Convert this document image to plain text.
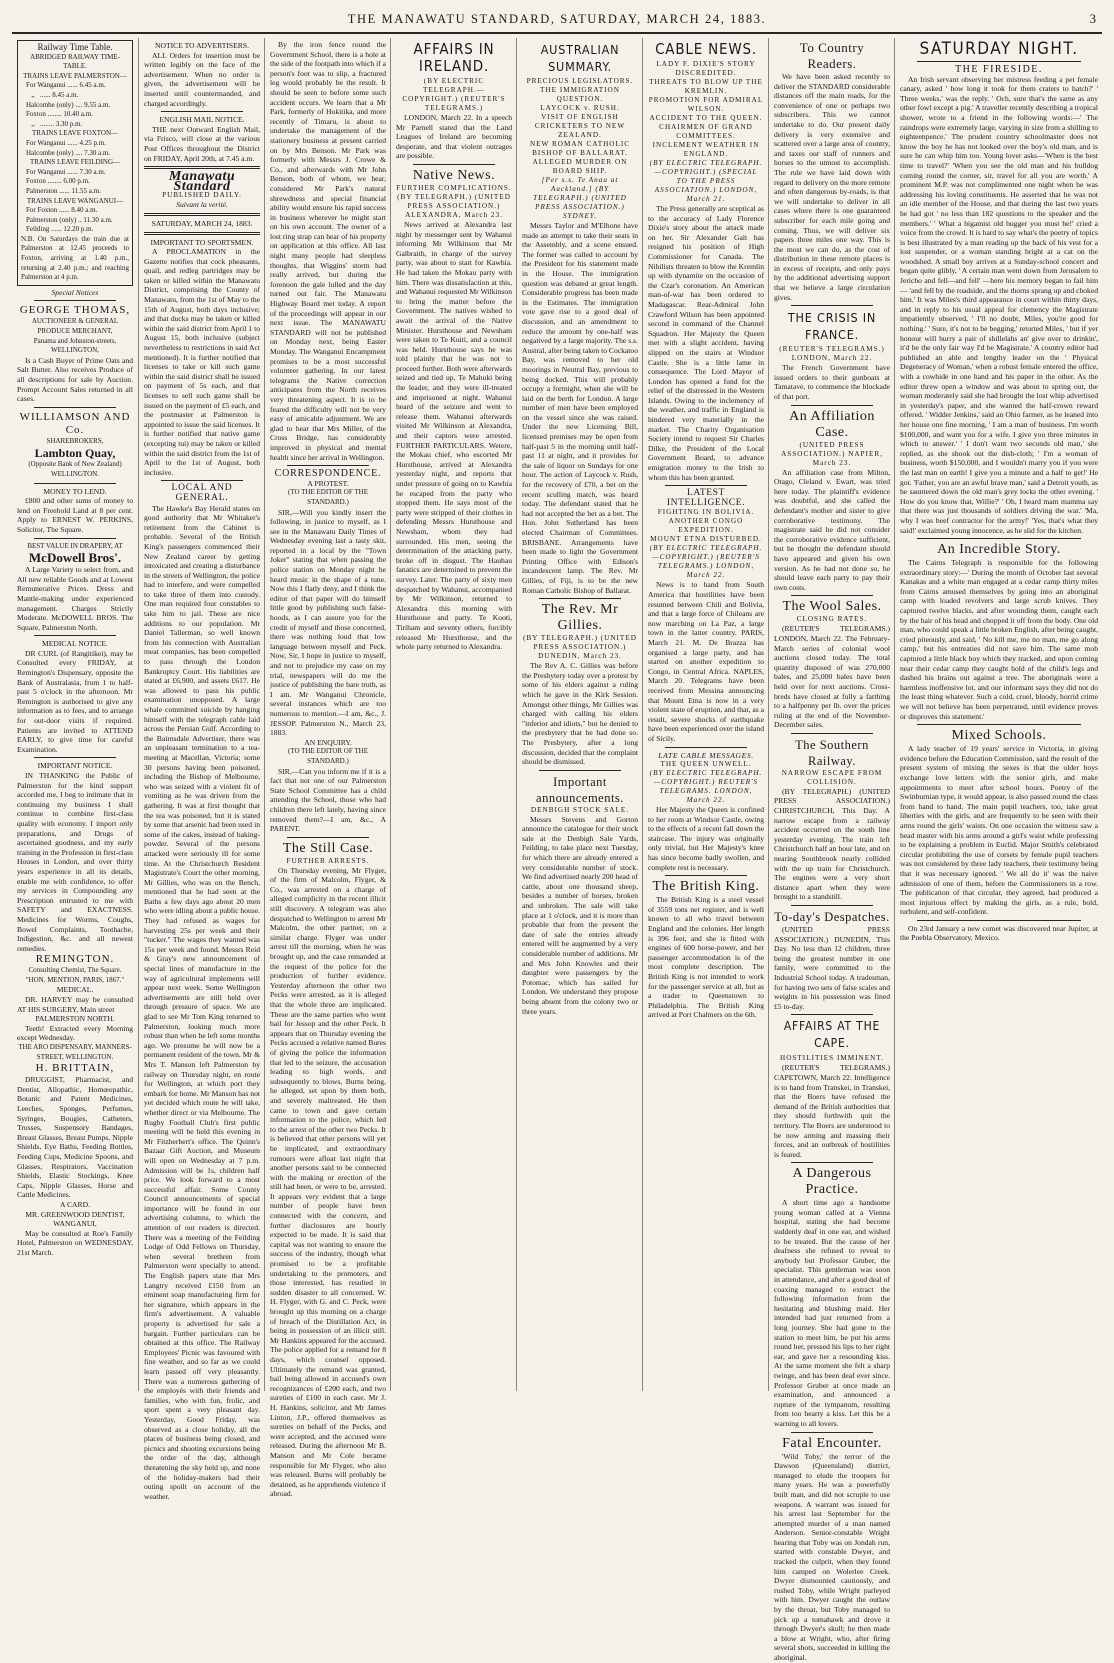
THE MANAWATU STANDARD, SATURDAY, MARCH 24, 1883.	3
Railway Time Table.
ABRIDGED RAILWAY TIME-TABLE.
TRAINS LEAVE PALMERSTON—
For Wanganui ...... 6.45 a.m.
,,   ...... 8.45 a.m.
Halcombe (only) .... 9.55 a.m.
Foxton ........ 10.40 a.m.
,,   ........ 3.30 p.m.
TRAINS LEAVE FOXTON—
For Wanganui ...... 4.25 p.m.
Halcombe (only) .... 7.30 a.m.
TRAINS LEAVE FEILDING—
For Wanganui ...... 7.30 a.m.
Foxton ........ 6.00 p.m.
Palmerston ...... 11.55 a.m.
TRAINS LEAVE WANGANUI—
For Foxton ...... 8.40 a.m.
Palmerston (only) .. 11.30 a.m.
Feilding ...... 12.20 p.m.
N.B. On Saturdays the train due at Palmerston at 12.45 proceeds to Foxton, arriving at 1.40 p.m., returning at 2.40 p.m.; and reaching Palmerston at 4 p.m.
Special Notices
GEORGE THOMAS,
AUCTIONEER & GENERAL PRODUCE MERCHANT,
Panama and Johnston-streets, WELLINGTON,

Is a Cash Buyer of Prime Oats and Salt Butter. Also receives Produce of all descriptions for sale by Auction. Prompt Account Sales returned in all cases.

WILLIAMSON AND Co.
SHAREBROKERS,
Lambton Quay,
(Opposite Bank of New Zealand) WELLINGTON.
MONEY TO LEND.

£800 and other sums of money to lend on Freehold Land at 8 per cent. Apply to ERNEST W. PERKINS, Solicitor, The Square.

BEST VALUE IN DRAPERY, AT
McDowell Bros'.

A Large Variety to select from, and All new reliable Goods and at Lowest Remunerative Prices. Dress and Mantle-making under experienced management. Charges Strictly Moderate. McDOWELL BROS. The Square, Palmerston North.

MEDICAL NOTICE.

DR CURL (of Rangitikei), may be Consulted every FRIDAY, at Remington's Dispensary, opposite the Bank of Australasia, from 1 to half-past 5 o'clock in the afternoon. Mr Remington is authorised to give any information as to fees, and to arrange for out-door visits if required. Patients are invited to ATTEND EARLY, to give time for careful Examination.

IMPORTANT NOTICE.

IN THANKING the Public of Palmerston for the kind support accorded me, I beg to intimate that in continuing my business I shall continue to combine first-class quality with economy. I import only preparations, and Drugs of ascertained goodness, and my early training in the Profession in first-class Houses in London, and over thirty years experience in all its details, enable me with confidence, to offer my services in Compounding any Prescription entrusted to me with SAFETY and EXACTNESS. Medicines for Worms, Coughs, Bowel Complaints, Toothache, Indigestion, &c. and all newest remedies.

REMINGTON.
Consulting Chemist, The Square.
"HON. MENTION, PARIS, 1867."
MEDICAL.

DR. HARVEY may be consulted AT HIS SURGERY, Main street

PALMERSTON NORTH.

Teeth! Extracted every Morning except Wednesday.

THE ARO DISPENSARY, MANNERS-STREET, WELLINGTON.
H. BRITTAIN,

DRUGGIST, Pharmacist, and Dentist, Allopathic, Homœopathic, Botanic and Patent Medicines, Leeches, Sponges, Perfumes, Syringes, Bougies, Catheters, Trusses, Suspensory Bandages, Breast Glasses, Breast Pumps, Nipple Shields, Eye Baths, Feeding Bottles, Feeding Cups, Medicine Spoons, and Glasses, Respirators, Vaccination Shields, Elastic Stockings, Knee Caps, Nipple Glasses, Horse and Cattle Medicines.

A CARD.
MR. GREENWOOD DENTIST, WANGANUI,

May be consulted at Roe's Family Hotel, Palmerston on WEDNESDAY, 21st March.

NOTICE TO ADVERTISERS.

ALL Orders for insertion must be written legibly on the face of the advertisement. When no order is given, the advertisement will be inserted until countermanded, and charged accordingly.

ENGLISH MAIL NOTICE.

THE next Outward English Mail, via Frisco, will close at the various Post Offices throughout the District on FRIDAY, April 20th, at 7.45 a.m.

Manawatu Standard
PUBLISHED DAILY.
Suivant la verité.
SATURDAY, MARCH 24, 1883.
IMPORTANT TO SPORTSMEN.

A PROCLAMATION in the Gazette notifies that cock pheasants, quail, and redleg partridges may be taken or killed within the Manawatu District, comprising the County of Manawatu, from the 1st of May to the 15th of August, both days inclusive; and that ducks may be taken or killed within the said district from April 1 to August 15, both inclusive (subject nevertheless to restrictions in said Act mentioned). It is further notified that licenses to take or kill such game within the said district shall be issued on payment of 5s each, and that licenses to sell such game shall be issued on the payment of £5 each, and the postmaster at Palmerston is appointed to issue the said licenses. It is further notified that native game (excepting tui) may be taken or killed within the said district from the 1st of April to the 1st of August, both inclusive.

LOCAL AND GENERAL.

The Hawke's Bay Herald states on good authority that Mr Whitaker's retirement from the Cabinet is probable. Several of the British King's passengers commenced their New Zealand career by getting intoxicated and creating a disturbance in the streets of Wellington, the police had to interfere, and were compelled to take three of them into custody. One man required four constables to take him to jail. These are nice additions to our population. Mr Daniel Tallerman, so well known from his connection with Australian meat companies, has been compelled to pass through the London Bankruptcy Court. His liabilities are stated at £6,900, and assets £617. He was allowed to pass his public examination unopposed. A large whale committed suicide by hanging himself with the telegraph cable laid across the Persian Gulf. According to the Bairnsdale Advertiser, there was an unpleasant termination to a tea-meeting at Macellan, Victoria; some 30 persons having been poisoned, including the Bishop of Melbourne, who was seized with a violent fit of vomiting as he was driven from the gathering. It was at first thought that the tea was poisoned, but it is stated by some that arsenic had been used in some of the cakes, instead of baking-powder. Several of the persons attacked were seriously ill for some time. At the Christchurch Resident Magistrate's Court the other morning, Mr Gillies, who was on the Bench, mentioned that he had seen at the Baths a few days ago about 20 men who were idling about a public house. They had refused as wages for harvesting 25s per week and their "tucker." The wages they wanted was 15s per week and found. Messrs Reid & Gray's new announcement of special lines of manufacture in the way of agricultural implements will appear next week. Some Wellington advertisements are still held over through pressure of space. We are glad to see Mr Tom King returned to Palmerston, looking much more robust than when he left some months ago. We presume he will now be a permanent resident of the town. Mr & Mrs T. Manson left Palmerston by railway on Thursday night, en route for Wellington, at which port they embark for home. Mr Manson has not yet decided which route he will take, whether direct or via Melbourne. The Rugby Football Club's first public meeting will be held this evening in Mr Fitzherbert's office. The Quinn's Bazaar Gift Auction, and Museum will open on Wednesday at 7 p.m. Admission will be 1s, children half price. We look forward to a most successful affair. Some County Council announcements of special importance will be found in our advertising columns, to which the attention of our readers is directed. There was a meeting of the Feilding Lodge of Odd Fellows on Thursday, when several brethren from Palmerston went specially to attend. The English papers state that Mrs Langtry received £150 from an eminent soap manufacturing firm for her signature, which appears in the firm's advertisement. A valuable property is advertised for sale a bargain. Further particulars can be obtained at this office. The Railway Employees' Picnic was favoured with fine weather, and so far as we could learn passed off very pleasantly. There was a numerous gathering of the employés with their friends and families, who with fun, frolic, and sport spent a very pleasant day. Yesterday, Good Friday, was observed as a close holiday, all the places of business being closed, and picnics and shooting excursions being the order of the day, although threatening the sky held up, and none of the holiday-makers had their outing spoilt on account of the weather.

By the iron fence round the Government School, there is a hole at the side of the footpath into which if a person's foot was to slip, a fractured leg would probably be the result. It should be seen to before some such accident occurs. We learn that a Mr Park, formerly of Hokitika, and more recently of Timaru, is about to undertake the management of the stationery business at present carried on by Mrs Benson. Mr Park was formerly with Messrs J. Crowe & Co., and afterwards with Mr John Benson, both of whom, we hear, considered Mr Park's natural shrewdness and special financial ability would ensure his rapid success in business wherever he might start on his own account. The owner of a lost ring strap can hear of his property on application at this office. All last night many people had sleepless thoughts, that Wiggins' storm had really arrived, but during the forenoon the gale lulled and the day turned out fair. The Manawatu Highway Board met today. A report of the proceedings will appear in our next issue. The MANAWATU STANDARD will not be published on Monday next, being Easter Monday. The Wanganui Encampment promises to be a most successful volunteer gathering. In our latest telegrams the Native correction anticipates from the North receives very threatening aspect. It is to be feared the difficulty will not be very easy of amicable adjustment. We are glad to hear that Mrs Miller, of the Cross Bridge, has considerably improved in physical and mental health since her arrival in Wellington.

CORRESPONDENCE.
A PROTEST.
(TO THE EDITOR OF THE STANDARD.)

SIR,—Will you kindly insert the following, in justice to myself, as I see in the Manawatu Daily Times of Wednesday evening last a tasty skit, reported in a local by the "Town Joker" stating that when passing the police station on Monday night he heard music in the shape of a tune. Now this I flatly deny, and I think the editor of that paper will do himself little good by publishing such false-hoods, as I can assure you for the credit of myself and those concerned, there was nothing loud that low language between myself and Peck. Now, Sir, I hope in justice to myself, and not to prejudice my case on my trial, newspapers will do me the justice of publishing the bare truth, as I am. Mr Wanganui Chronicle, several instances which are too numerous to mention.—I am, &c., J. JESSOP. Palmerston N., March 23, 1883.

AN ENQUIRY.
(TO THE EDITOR OF THE STANDARD.)

SIR,—Can you inform me if it is a fact that not one of our Palmerston State School Committee has a child attending the School, those who had children there left lately, having since removed them?—I am, &c., A PARENT.

The Still Case.
FURTHER ARRESTS.

On Thursday evening, Mr Flyger, of the firm of Malcolm, Flyger, & Co., was arrested on a charge of alleged complicity in the recent illicit still discovery. A telegram was also despatched to Wellington to arrest Mr Malcolm, the other partner, on a similar charge. Flyger was under arrest till the morning, when he was brought up, and the case remanded at the request of the police for the production of further evidence. Yesterday afternoon the other two Pecks were arrested, as it is alleged that the whole three are implicated. These are the same parties who went bail for Jessop and the other Peck. It appears that on Thursday evening the Pecks accused a relative named Bures of giving the police the information that led to the seizure, the accusation leading to high words, and subsequently to blows, Burns being, he alleged, set upon by them both, and severely maltreated. He then came to town and gave certain information to the police, which led to the arrest of the other two Pecks. It is believed that other persons will yet be implicated, and extraordinary rumours were afloat last night that another persons said to be connected with the making or erection of the still had been, or were to be, arrested. It appears very evident that a large number of people have been connected with the concern, and further disclosures are hourly expected to be made. It is said that capital was not wanting to ensure the success of the industry, though what promised to be a profitable undertaking to the promoters, and those interested, has resulted in sudden disaster to all concerned. W. H. Flyger, with G. and C. Peck, were brought up this morning on a charge of breach of the Distillation Act, in being in possession of an illicit still. Mr Hankins appeared for the accused. The police applied for a remand for 8 days, which counsel opposed. Ultimately the remand was granted, bail being allowed in accused's own recognizances of £200 each, and two sureties of £100 in each case. Mr J. H. Hankins, solicitor, and Mr James Linton, J.P., offered themselves as sureties on behalf of the Pecks, and were accepted, and the accused were released. During the afternoon Mr B. Manson and Mr Cole became responsible for Mr Flyger, who also was released. Burns will probably be detained, as he apprehends violence if abroad.

AFFAIRS IN IRELAND.
(BY ELECTRIC TELEGRAPH.—COPYRIGHT.) (REUTER'S TELEGRAMS.)

LONDON, March 22. In a speech Mr Parnell stated that the Land Leagues of Ireland are becoming desperate, and that violent outrages are possible.

Native News.
FURTHER COMPLICATIONS.
(BY TELEGRAPH.) (UNITED PRESS ASSOCIATION.) ALEXANDRA, March 23.

News arrived at Alexandra last night by messenger sent by Wahanui informing Mr Wilkinson that Mr Galbraith, in charge of the survey party, was about to start for Kawhia. He had taken the Mokau party with him. There was dissatisfaction at this, and Wahanui requested Mr Wilkinson to bring the matter before the Government. The natives wished to await the arrival of the Native Minister. Hursthouse and Newsham were taken to Te Kuiti, and a council was held. Hursthouse says he was told plainly that he was not to proceed further. Both were afterwards seized and tied up, Te Mahuki being the leader, and they were ill-treated and imprisoned at night. Wahanui heard of the seizure and went to release them. Wahanui afterwards visited Mr Wilkinson at Alexandra, and their captors were arrested. FURTHER PARTICULARS. Wetere, the Mokau chief, who escorted Mr Hursthouse, arrived at Alexandra yesterday night, and reports that under pressure of going on to Kawhia he escaped from the party who stopped them. He says most of the party were stripped of their clothes in defending Messrs Hursthouse and Newsham, whom they had surrounded. His men, seeing the determination of the attacking party, broke off in disgust. The Hauhau fanatics are determined to prevent the survey. Later. The party of sixty men despatched by Wahanui, accompanied by Mr Wilkinson, returned to Alexandra this morning with Hursthouse and party. Te Kooti, Tiriham and seventy others, forcibly released Mr Hursthouse, and the whole party returned to Alexandra.

AUSTRALIAN SUMMARY.
PRECIOUS LEGISLATORS.
THE IMMIGRATION QUESTION.
LAYCOCK v. RUSH.
VISIT OF ENGLISH CRICKETERS TO NEW ZEALAND.
NEW ROMAN CATHOLIC BISHOP OF BALLARAT.
ALLEGED MURDER ON BOARD SHIP.
[Per s.s. Te Anau at Auckland.] (BY TELEGRAPH.) (UNITED PRESS ASSOCIATION.) SYDNEY.

Messrs Taylor and M'Elhone have made an attempt to take their seats in the Assembly, and a scene ensued. The former was called to account by the President for his statement made in the House. The immigration question was debated at great length. Considerable progress has been made in the Estimates. The immigration vote gave rise to a good deal of discussion, and an amendment to reduce the amount by one-half was negatived by a large majority. The s.s. Austral, after being taken to Cockatoo Bay, was removed to her old moorings in Neutral Bay, previous to being docked. This will probably occupy a fortnight, when she will be laid on the berth for London. A large number of men have been employed on the vessel since she was raised. Under the new Licensing Bill, licensed premises may be open from half-past 5 in the morning until half-past 11 at night, and it provides for the sale of liquor on Sundays for one hour. The action of Laycock v. Rush, for the recovery of £70, a bet on the recent sculling match, was heard today. The defendant stated that he had not accepted the bet as a bet. The Hon. John Sutherland has been elected Chairman of Committees. BRISBANE. Arrangements have been made to light the Government Printing Office with Edison's incandescent lamp. The Rev. Mr Gillies, of Fiji, is to be the new Roman Catholic Bishop of Ballarat.

The Rev. Mr Gillies.
(BY TELEGRAPH.) (UNITED PRESS ASSOCIATION.) DUNEDIN, March 23.

The Rev A. C. Gillies was before the Presbytery today over a protest by some of his elders against a ruling which he gave in the Kirk Session. Amongst other things, Mr Gillies was charged with calling his elders "inferior and idiots," but he denied to the presbytery that he had done so. The Presbytery, after a long discussion, decided that the complaint should be dismissed.

Important announcements.
DENBIGH STOCK SALE.

Messrs Stevens and Gorton announce the catalogue for their stock sale at the Denbigh Sale Yards, Feilding, to take place next Tuesday, for which there are already entered a very considerable number of stock. We find advertised nearly 200 head of cattle, about one thousand sheep, besides a number of horses, broken and unbroken. The sale will take place at 1 o'clock, and it is more than probable that from the present the date of sale the entries already entered will be augmented by a very considerable number of additions. Mr and Mrs John Knowles and their daughter were passengers by the Potomac, which has sailed for London. We understand they propose being absent from the colony two or three years.

CABLE NEWS.
LADY F. DIXIE'S STORY DISCREDITED.
THREATS TO BLOW UP THE KREMLIN.
PROMOTION FOR ADMIRAL WILSON.
ACCIDENT TO THE QUEEN.
CHAIRMEN OF GRAND COMMITTEES.
INCLEMENT WEATHER IN ENGLAND.
(BY ELECTRIC TELEGRAPH.—COPYRIGHT.) (SPECIAL TO THE PRESS ASSOCIATION.) LONDON, March 21.

The Press generally are sceptical as to the accuracy of Lady Florence Dixie's story about the attack made on her. Sir Alexander Galt has resigned his position of High Commissioner for Canada. The Nihilists threaten to blow the Kremlin up with dynamite on the occasion of the Czar's coronation. An American man-of-war has been ordered to Madagascar. Rear-Admiral John Crawford Wilson has been appointed second in command of the Channel Squadron. Her Majesty the Queen met with a slight accident, having slipped on the stairs at Windsor Castle. She is a little lame in consequence. The Lord Mayor of London has opened a fund for the relief of the distressed in the Western Islands. Owing to the inclemency of the weather, and traffic in England is hindered very materially in the market. The Charity Organisation Society intend to request Sir Charles Dilke, the President of the Local Government Board, to advance emigration money to the Irish to whom this has been granted.

LATEST INTELLIGENCE.
FIGHTING IN BOLIVIA.
ANOTHER CONGO EXPEDITION.
MOUNT ETNA DISTURBED.
(BY ELECTRIC TELEGRAPH.—COPYRIGHT.) (REUTER'S TELEGRAMS.) LONDON, March 22.

News is to hand from South America that hostilities have been resumed between Chili and Bolivia, and that a large force of Chileans are now marching on La Paz, a large town in the latter country. PARIS, March 21. M. De Brazza has organised a large party, and has started on another expedition to Congo, in Central Africa. NAPLES, March 20. Telegrams have been received from Messina announcing that Mount Etna is now in a very violent state of eruption, and that, as a result, severe shocks of earthquake have been experienced over the island of Sicily.

LATE CABLE MESSAGES.
THE QUEEN UNWELL.
(BY ELECTRIC TELEGRAPH.—COPYRIGHT.) REUTER'S TELEGRAMS. LONDON, March 22.

Her Majesty the Queen is confined to her room at Windsor Castle, owing to the effects of a recent fall down the staircase. The injury was originally only trivial, but Her Majesty's knee has since become badly swollen, and complete rest is necessary.

The British King.

The British King is a steel vessel of 3559 tons net register, and is well known to all who travel between England and the colonies. Her length is 396 feet, and she is fitted with engines of 600 horse-power, and her passenger accommodation is of the most complete description. The British King is not intended to work for the passenger service at all, but as a trader to Queenstown to Philadelphia. The British King arrived at Port Chalmers on the 6th.

To Country Readers.

We have been asked recently to deliver the STANDARD considerable distances off the main roads, for the convenience of one or perhaps two subscribers. This we cannot undertake to do. Our present daily delivery is very extensive and scattered over a large area of country, and taxes our staff of runners and horses to the utmost to accomplish. The rule we have laid down with regard to delivery on the more remote and often dangerous by-roads, is that we will undertake to deliver in all cases where there is one guaranteed subscriber for each mile going and coming. Thus, we will deliver six papers three miles one way. This is the most we can do, as the cost of distribution in these remote places is in excess of receipts, and only pays by the additional advertising support that we believe a large circulation gives.

THE CRISIS IN FRANCE.
(REUTER'S TELEGRAMS.) LONDON, March 22.

The French Government have issued orders to their gunboats at Tamatave, to commence the blockade of that port.

An Affiliation Case.
(UNITED PRESS ASSOCIATION.) NAPIER, March 23.

An affiliation case from Milton, Otago, Cleland v. Ewart, was tried here today. The plaintiff's evidence was doubtful, and she called the defendant's mother and sister to give corroborative testimony. The magistrate said he did not consider the corroborative evidence sufficient, but he thought the defendant should have appeared and given his own version. As he had not done so, he should leave each party to pay their own costs.

The Wool Sales.
CLOSING RATES.

(REUTER'S TELEGRAMS.) LONDON, March 22. The February-March series of colonial wool auctions closed today. The total quantity disposed of was 270,000 bales, and 25,000 bales have been held over for next auctions. Cross-breds have closed at fully a farthing to a halfpenny per lb. over the prices ruling at the end of the November-December sales.

The Southern Railway.
NARROW ESCAPE FROM COLLISION.

(BY TELEGRAPH.) (UNITED PRESS ASSOCIATION.) CHRISTCHURCH, This Day. A narrow escape from a railway accident occurred on the south line yesterday evening. The train left Christchurch half an hour late, and on nearing Southbrook nearly collided with the up train for Christchurch. The engines were a very short distance apart when they were brought to a standstill.

To-day's Despatches.

(UNITED PRESS ASSOCIATION.) DUNEDIN, This Day. No less than 12 children, three being the greatest number in one family, were committed to the Industrial School today. A tradesman, for having two sets of false scales and weights in his possession was fined £5 to-day.

AFFAIRS AT THE CAPE.
HOSTILITIES IMMINENT.

(REUTER'S TELEGRAMS.) CAPETOWN, March 22. Intelligence is to hand from Transkei, in Transkei, that the Boers have refused the demand of the British authorities that they should forthwith quit the territory. The Boers are understood to be now arming and massing their forces, and an outbreak of hostilities is feared.

A Dangerous Practice.

A short time ago a handsome young woman called at a Vienna hospital, stating she had become suddenly deaf in one ear, and wished to be treated. But the cause of her deafness she refused to reveal to anybody but Professor Gruber, the specialist. This gentleman was soon in attendance, and after a good deal of coaxing managed to extract the following information from the hesitating and blushing maid. Her intended had just returned from a long journey. She had gone to the station to meet him, he put his arms round her, pressed his lips to her right ear, and gave her a resounding kiss. At the same moment she felt a sharp twinge, and has been deaf ever since. Professor Gruber at once made an examination, and announced a rupture of the tympanum, resulting from too hearty a kiss. Let this be a warning to all lovers.

Fatal Encounter.

'Wild Toby,' the terror of the Dawson (Queensland) district, managed to elude the troopers for many years. He was a powerfully built man, and did not scruple to use weapons. A warrant was issued for his arrest last September for the attempted murder of a man named Anderson. Senior-constable Wright hearing that Toby was on Jondah run, started with constable Dwyer, and tracked the culprit, when they found him camped on Wolerlee Creek. Dwyer dismounted cautiously, and rushed Toby, while Wright parleyed with him. Dwyer caught the outlaw by the throat, but Toby managed to pick up a tomahawk and drove it through Dwyer's skull; he then made a blow at Wright, who, after firing several shots, succeeded in killing the aboriginal.

SATURDAY NIGHT.
THE FIRESIDE.

An Irish servant observing her mistress feeding a pet female canary, asked ' how long it took for them craters to hatch?' ' Three weeks,' was the reply. ' Och, sure that's the same as any other fowl except a pig.' A traveller recently describing a tropical shower, wrote to a friend in the following words:—' The raindrops were extremely large, varying in size from a shilling to eighteenpence.' The prudent country schoolmaster does not know the boy he has not looked over the boy's old man, and is sure he can whip him too. Young lover asks—'When is the best time to travel?' 'When you see the old man and his bulldog coming round the corner, sir, travel for all you are worth.' A prominent M.P. was not complimented one night when he was addressing his loving constituents. He asserted that he was not an idle member of the House, and that during the last two years he had got ' no less than 182 questions to the speaker and the members.' ' What a bigamist old bugger you must be!' cried a voice from the crowd. It is hard to say what's the poetry of topics is best illustrated by a man reading up the back of his vest for a lost suspender, or a woman standing bright at a cat on the woodshed. A small boy arrives at a Sunday-school concert and began quite glibly, ' A certain man went down from Jerusalem to Jericho and fell—and fell' —here his memory began to fail him— 'and fell by the roadside, and the thorns sprang up and choked him.' It was Miles's third appearance in court within thirty days, and in reply to his usual appeal for clemency the Magistrate impatiently observed, ' I'll no doubt, Miles, you're good for nothing.' ' Sure, it's not to be begging,' retorted Miles, ' but if yer honour will hurry a pair of shillelahs an' give over to drinkin', it'd be the only fair way I'd be Magistrate.' A country editor had published an able and lengthy leader on the ' Physical Degeneracy of Woman,' when a robust female entered the office, with a cowhide in one hand and his paper in the other. As the editor threw open a window and was about to spring out, the woman moderately said she had brought the lost whip advertised in yesterday's paper, and she wanted the half-crown reward offered. ' Widder Jenkins,' said an Ohio farmer, as he leaned into her house one fine morning, ' I am a man of business. I'm worth $100,000, and want you for a wife. I give you three minutes in which to answer.' ' I don't want two seconds old man,' she replied, as she shook out the dish-cloth; ' I'm a woman of business, worth $150,000, and I wouldn't marry you if you were the last man on earth! I give you a minute and a half to get!' He got. 'Father, you are an awful brave man,' said a Detroit youth, as he sauntered down the old man's grey locks the other evening. ' How do you know that, Willie?' ' Oh, I heard mam mamma say that there was just thousands of soldiers driving the war.' 'Ma, why I was beef contractor for the army!' 'Yes, that's what they said!' exclaimed young innocence, as he slid for the kitchen.

An Incredible Story.

The Cairns Telegraph is responsible for the following extraordinary story:—' During the month of October last several Kanakas and a white man engaged at a cedar camp thirty miles from Cairns amused themselves by going into an aboriginal camp with loaded revolvers and large scrub knives. They captured twelve blacks, and after wounding them, caught each by the hair of his head and chopped it off from the body. One old man, who could speak a little broken English, after being caught, cried piteously, and said, ' No kill me, me no man, me go along camp,' but his entreaties did not save him. The same mob captured a little black boy which they tracked, and upon coming near their cedar camp they caught hold of the child's legs and dashed his brains out against a tree. The aboriginals were a harmless inoffensive lot, and our informant says they did not do the least thing whatever. Such a cold, cruel, bloody, horrid crime we will not believe has been perpetrated, until evidence proves or disproves this statement.'

Mixed Schools.

A lady teacher of 19 years' service in Victoria, in giving evidence before the Education Commission, said the result of the present system of mixing the sexes is that the older boys exchange love letters with the senior girls, and make appointments to meet after school hours. Poetry of the Swinburnian type, it would appear, is also passed round the class from hand to hand. The main pupil teachers, too, take great liberties with the girls, and are frequently to be seen with their arms round the girls' waists. On one occasion the witness saw a head master with his arms around a girl's waist while professing to be explaining a problem in Euclid. Major Smith's celebrated circular prohibiting the use of corsets by female pupil teachers was not considered by three lady teachers, their testimony being that it was necessary ignored. ' We all do it' was the naive admission of one of them, before the Commissioners in a row. The publication of that circular, they agreed, had produced a most injurious effect by making the girls, as a rule, bold, turbulent, and self-confident.

On 23rd January a new comet was discovered near Jupiter, at the Puebla Observatory, Mexico.
